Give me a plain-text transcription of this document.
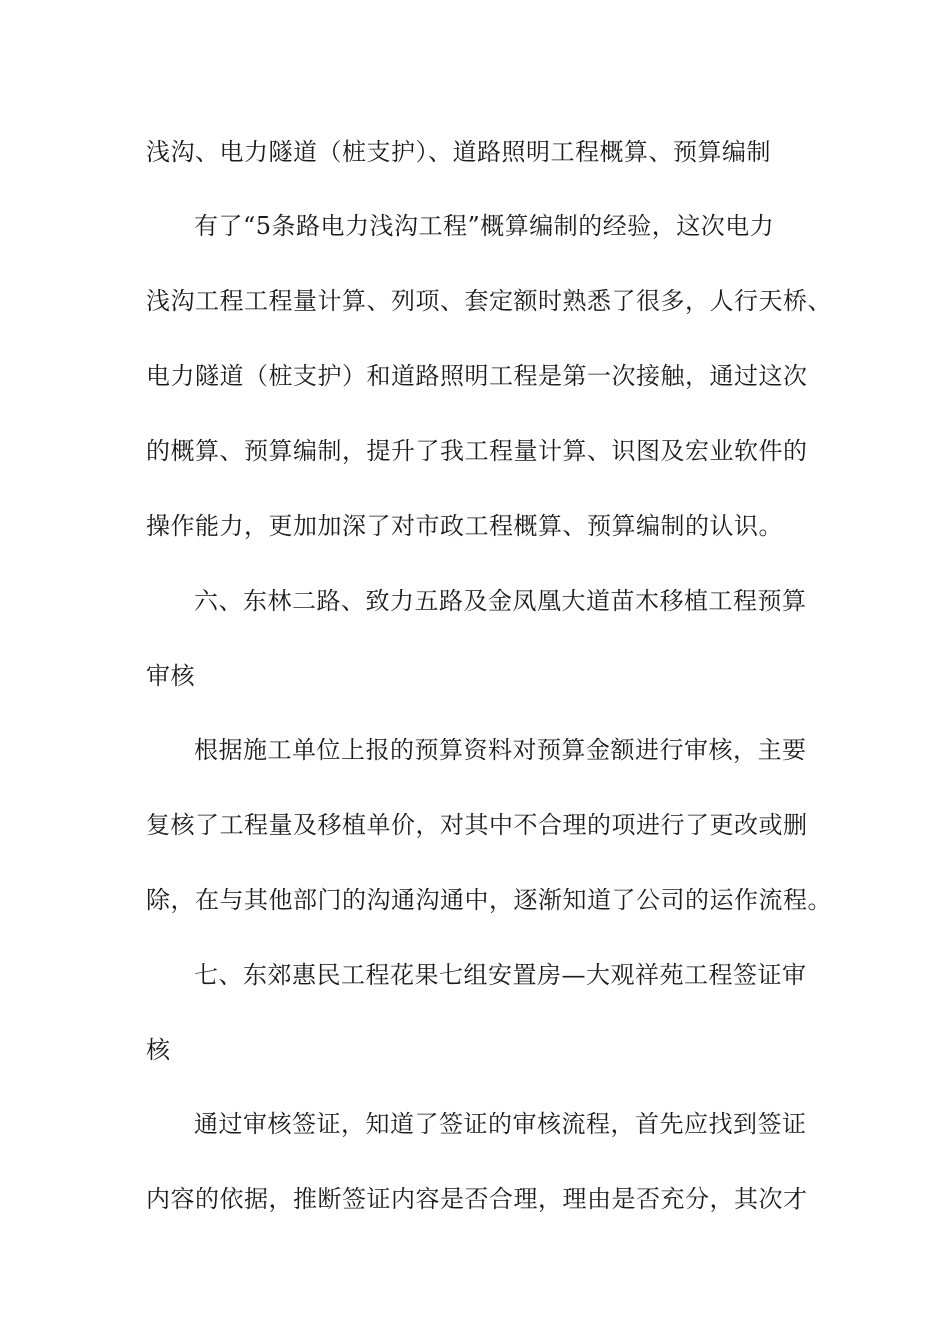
浅沟、电力隧道（桩支护）、道路照明工程概算、预算编制
有了“5条路电力浅沟工程”概算编制的经验，这次电力
浅沟工程工程量计算、列项、套定额时熟悉了很多，人行天桥、
电力隧道（桩支护）和道路照明工程是第一次接触，通过这次
的概算、预算编制，提升了我工程量计算、识图及宏业软件的
操作能力，更加加深了对市政工程概算、预算编制的认识。
六、东林二路、致力五路及金凤凰大道苗木移植工程预算
审核
根据施工单位上报的预算资料对预算金额进行审核，主要
复核了工程量及移植单价，对其中不合理的项进行了更改或删
除，在与其他部门的沟通沟通中，逐渐知道了公司的运作流程。
七、东郊惠民工程花果七组安置房—大观祥苑工程签证审
核
通过审核签证，知道了签证的审核流程，首先应找到签证
内容的依据，推断签证内容是否合理，理由是否充分，其次才
